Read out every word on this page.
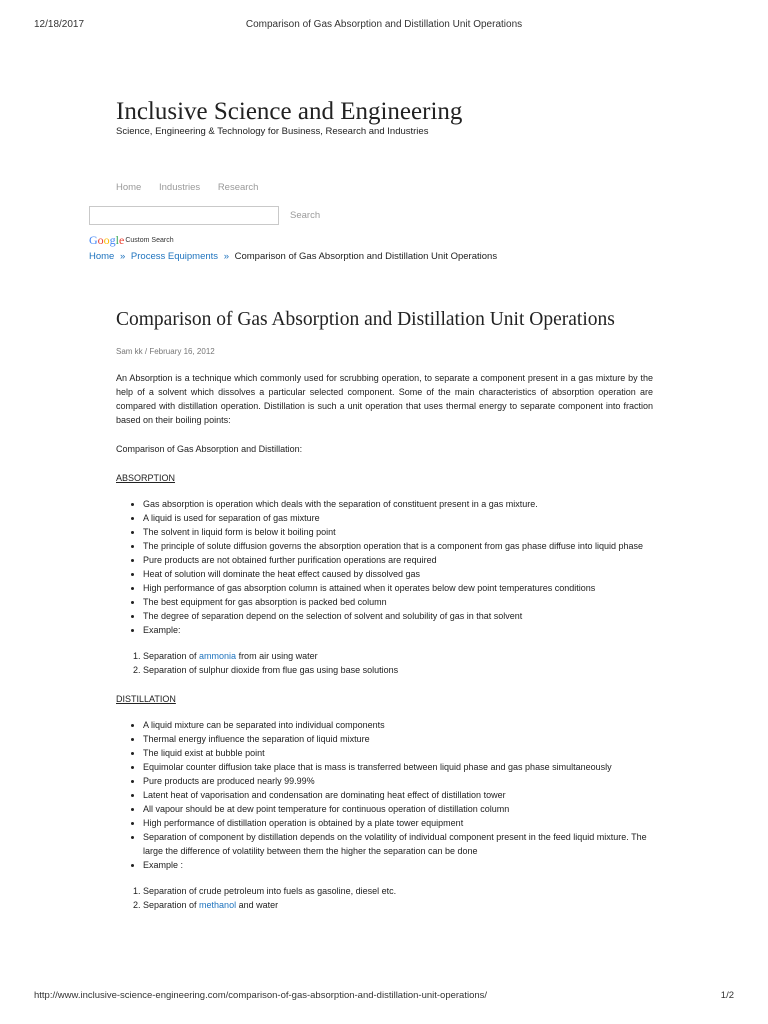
12/18/2017	Comparison of Gas Absorption and Distillation Unit Operations
Inclusive Science and Engineering
Science, Engineering & Technology for Business, Research and Industries
Home Industries Research
Search
GoogleCustom Search
Home » Process Equipments » Comparison of Gas Absorption and Distillation Unit Operations
Comparison of Gas Absorption and Distillation Unit Operations
Sam kk / February 16, 2012

An Absorption is a technique which commonly used for scrubbing operation, to separate a component present in a gas mixture by the help of a solvent which dissolves a particular selected component. Some of the main characteristics of absorption operation are compared with distillation operation. Distillation is such a unit operation that uses thermal energy to separate component into fraction based on their boiling points:

Comparison of Gas Absorption and Distillation:

ABSORPTION

• Gas absorption is operation which deals with the separation of constituent present in a gas mixture.
• A liquid is used for separation of gas mixture
• The solvent in liquid form is below it boiling point
• The principle of solute diffusion governs the absorption operation that is a component from gas phase diffuse into liquid phase
• Pure products are not obtained further purification operations are required
• Heat of solution will dominate the heat effect caused by dissolved gas
• High performance of gas absorption column is attained when it operates below dew point temperatures conditions
• The best equipment for gas absorption is packed bed column
• The degree of separation depend on the selection of solvent and solubility of gas in that solvent
• Example:
1. Separation of ammonia from air using water
2. Separation of sulphur dioxide from flue gas using base solutions

DISTILLATION

• A liquid mixture can be separated into individual components
• Thermal energy influence the separation of liquid mixture
• The liquid exist at bubble point
• Equimolar counter diffusion take place that is mass is transferred between liquid phase and gas phase simultaneously
• Pure products are produced nearly 99.99%
• Latent heat of vaporisation and condensation are dominating heat effect of distillation tower
• All vapour should be at dew point temperature for continuous operation of distillation column
• High performance of distillation operation is obtained by a plate tower equipment
• Separation of component by distillation depends on the volatility of individual component present in the feed liquid mixture. The large the difference of volatility between them the higher the separation can be done
• Example :
1. Separation of crude petroleum into fuels as gasoline, diesel etc.
2. Separation of methanol and water
http://www.inclusive-science-engineering.com/comparison-of-gas-absorption-and-distillation-unit-operations/	1/2
